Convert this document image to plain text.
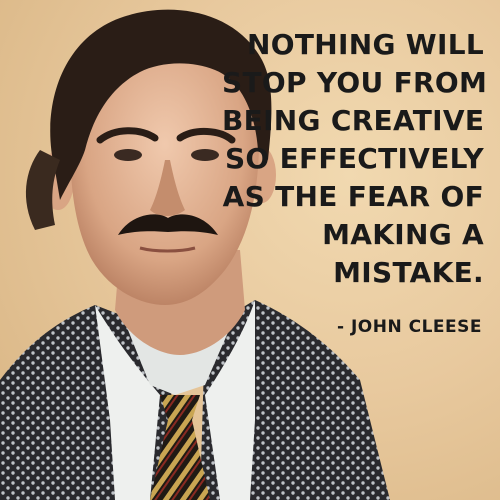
NOTHING WILL
STOP YOU FROM
BEING CREATIVE
SO EFFECTIVELY
AS THE FEAR OF
MAKING A
MISTAKE.

- JOHN CLEESE
